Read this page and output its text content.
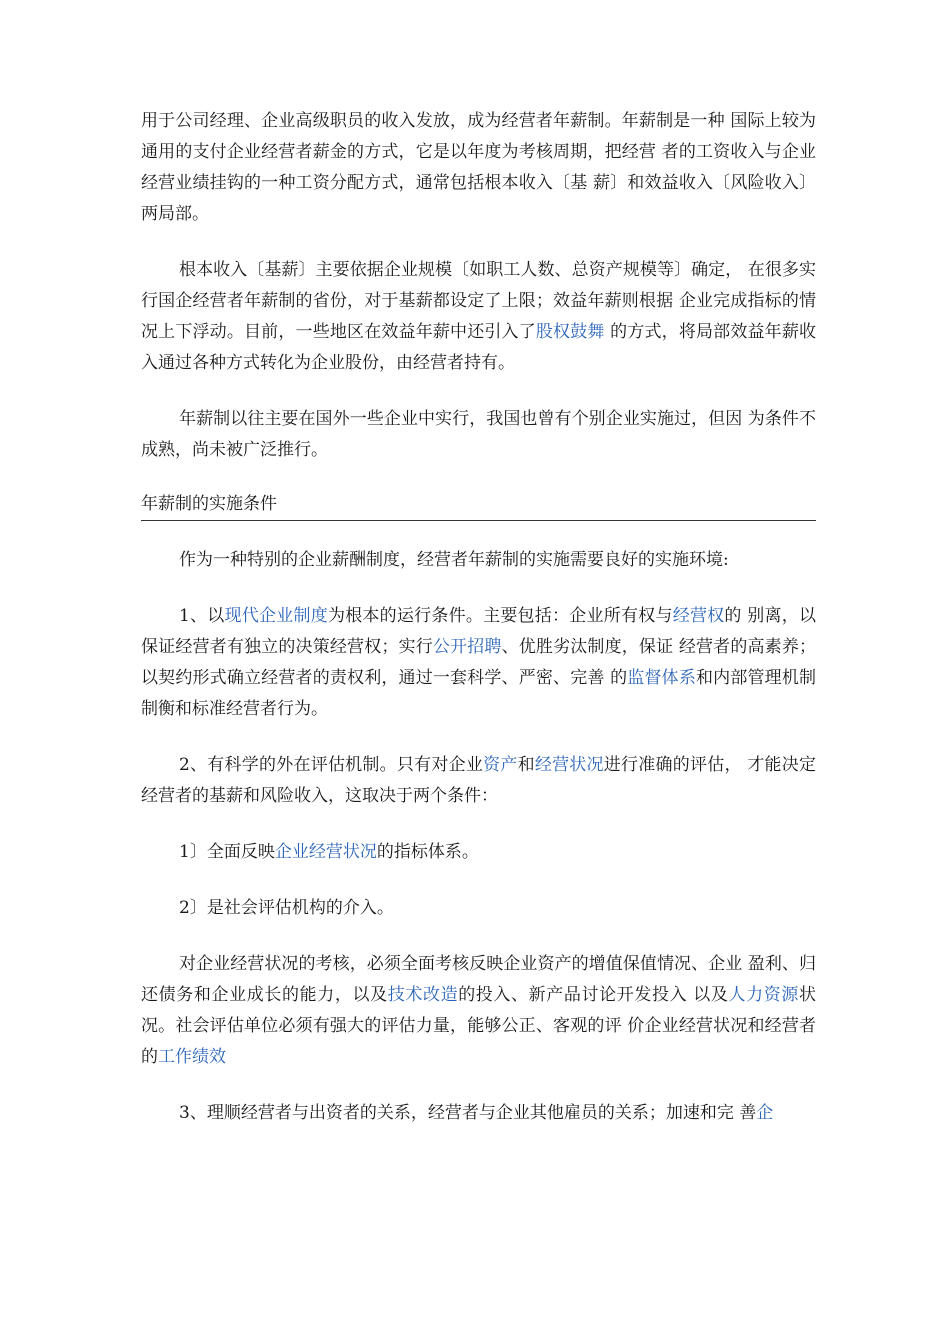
用于公司经理、企业高级职员的收入发放，成为经营者年薪制。年薪制是一种 国际上较为通用的支付企业经营者薪金的方式，它是以年度为考核周期，把经营 者的工资收入与企业经营业绩挂钩的一种工资分配方式，通常包括根本收入〔基 薪〕和效益收入〔风险收入〕两局部。

根本收入〔基薪〕主要依据企业规模〔如职工人数、总资产规模等〕确定， 在很多实行国企经营者年薪制的省份，对于基薪都设定了上限；效益年薪则根据 企业完成指标的情况上下浮动。目前，一些地区在效益年薪中还引入了股权鼓舞 的方式，将局部效益年薪收入通过各种方式转化为企业股份，由经营者持有。

年薪制以往主要在国外一些企业中实行，我国也曾有个别企业实施过，但因 为条件不成熟，尚未被广泛推行。

年薪制的实施条件

作为一种特别的企业薪酬制度，经营者年薪制的实施需要良好的实施环境:

1、以现代企业制度为根本的运行条件。主要包括：企业所有权与经营权的 别离，以保证经营者有独立的决策经营权；实行公开招聘、优胜劣汰制度，保证 经营者的高素养；以契约形式确立经营者的责权利，通过一套科学、严密、完善 的监督体系和内部管理机制制衡和标准经营者行为。

2、有科学的外在评估机制。只有对企业资产和经营状况进行准确的评估， 才能决定经营者的基薪和风险收入，这取决于两个条件：

1〕全面反映企业经营状况的指标体系。

2〕是社会评估机构的介入。

对企业经营状况的考核，必须全面考核反映企业资产的增值保值情况、企业 盈利、归还债务和企业成长的能力，以及技术改造的投入、新产品讨论开发投入 以及人力资源状况。社会评估单位必须有强大的评估力量，能够公正、客观的评 价企业经营状况和经营者的工作绩效

3、理顺经营者与出资者的关系，经营者与企业其他雇员的关系；加速和完 善企
